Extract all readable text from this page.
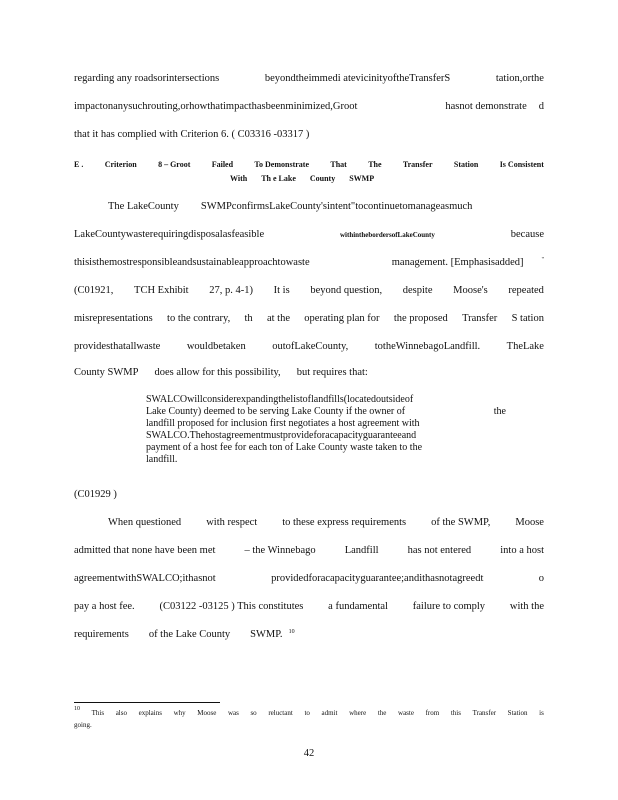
regarding any roadsorintersections	beyondtheimmedi atevicinityoftheTransferS	tation,orthe
impactonanysuchrouting,orhowthatimpacthasbeenminimized,Groot	hasnot demonstrate d
that it has complied with Criterion 6. ( C03316 -03317 )
E .	Criterion	8 – Groot	Failed	To Demonstrate	That	The	Transfer	Station	Is Consistent
With Th e Lake County SWMP
The LakeCounty SWMPconfirmsLakeCounty'sintent"tocontinuetomanageasmuch
LakeCountywasterequiringdisposalasfeasible	withinthebordersofLakeCounty	because
thisisthemostresponsibleandsustainableapproachtowaste	management. [Emphasisadded]	"
(C01921, TCH Exhibit 27, p. 4-1) It is beyond question, despite Moose's repeated
misrepresentations to the contrary, th at the operating plan for the proposed Transfer S tation
providesthatallwaste	wouldbetaken	outofLakeCounty,	totheWinnebagoLandfill.	TheLake
County SWMP does allow for this possibility, but requires that:
SWALCOwillconsiderexpandingthelistoflandfills(locatedoutsideof
Lake County) deemed to be serving Lake County if the owner of	the
landfill proposed for inclusion first negotiates a host agreement with
SWALCO.Thehostagreementmustprovideforacapacityguaranteeand
payment of a host fee for each ton of Lake County waste taken to the
landfill.
(C01929 )
When questioned with respect to these express requirements of the SWMP, Moose
admitted that none have been met	– the Winnebago	Landfill	has not entered	into a host
agreementwithSWALCO;ithasnot	providedforacapacityguarantee;andithasnotagreedt	o
pay a host fee. (C03122 -03125 ) This constitutes a fundamental failure to comply with the
requirements of the Lake County SWMP. 10
10 This also explains why Moose was so reluctant to admit where the waste from this Transfer Station is
going.
42
